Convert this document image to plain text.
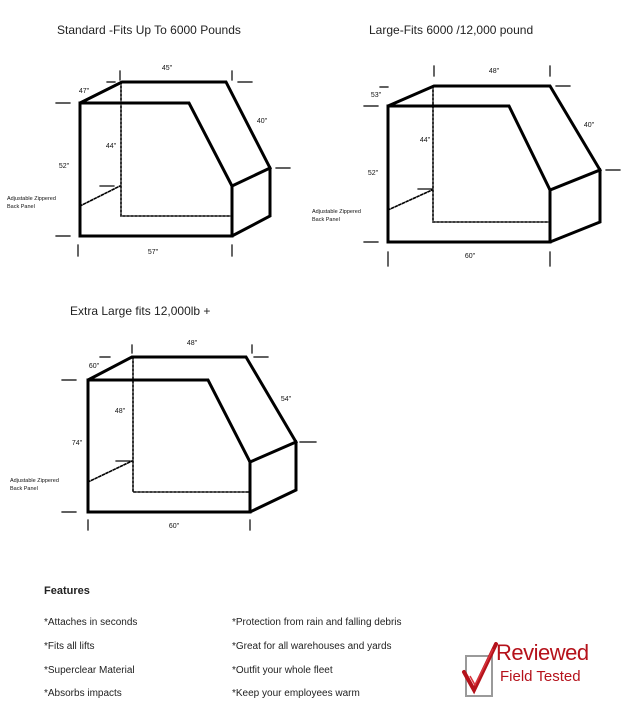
Standard -Fits Up To 6000 Pounds	Large-Fits 6000 /12,000 pound
Extra Large fits 12,000lb +
45"
47"
40"
44"
52"
57"
Adjustable Zippered
Back Panel
48"
53"
40"
44"
52"
60"
Adjustable Zippered
Back Panel
48"
60"
54"
48"
74"
60"
Adjustable Zippered
Back Panel
Features
*Attaches in seconds
*Fits all lifts
*Superclear Material
*Absorbs impacts
*Protection from rain and falling debris
*Great for all warehouses and yards
*Outfit your whole fleet
*Keep your employees warm
Reviewed
Field Tested
